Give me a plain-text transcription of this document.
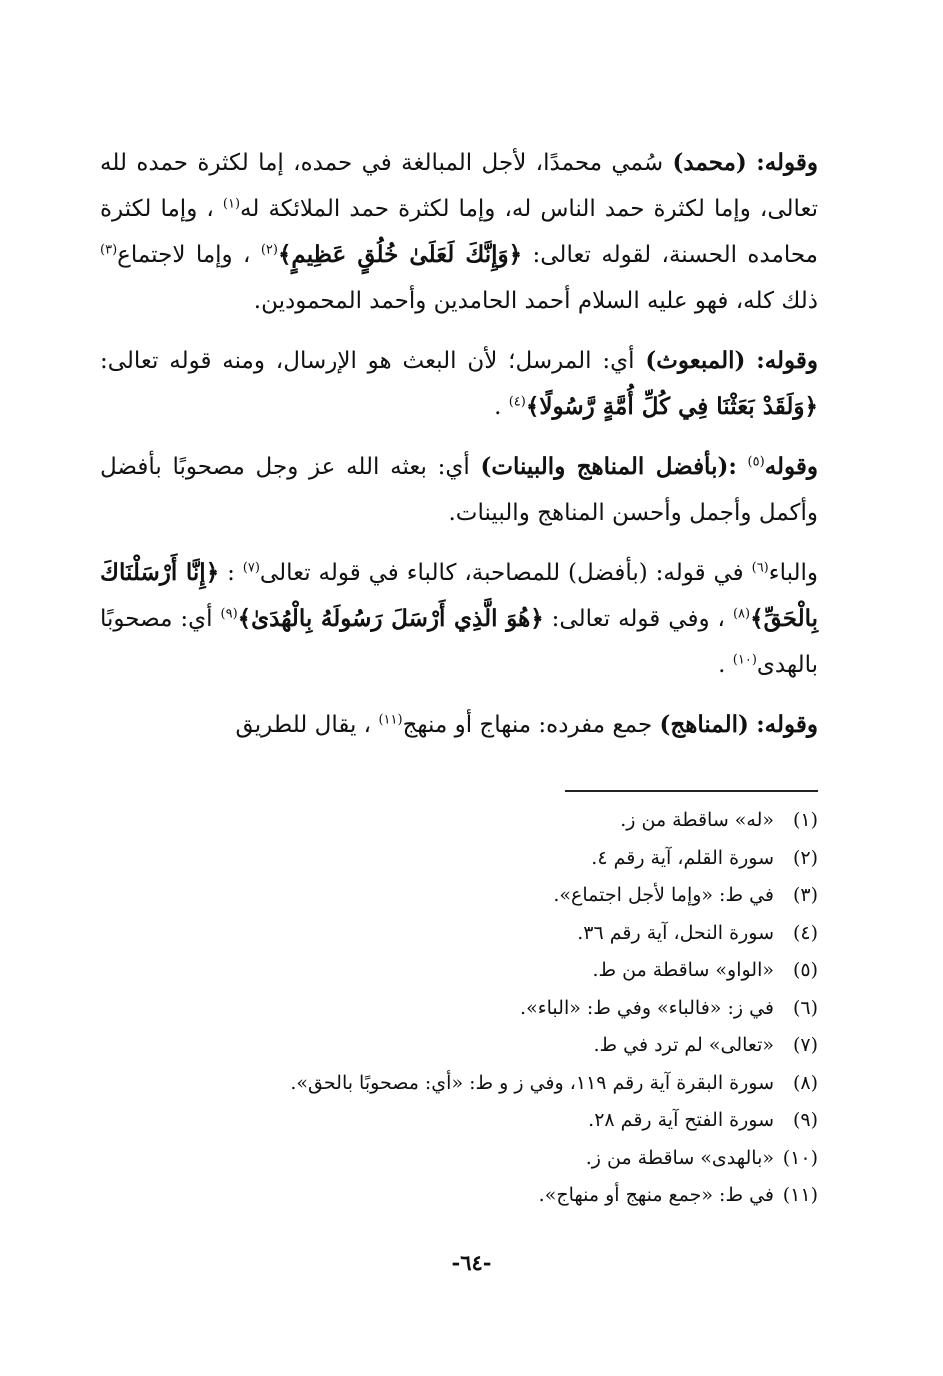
وقوله: (محمد) سُمي محمدًا، لأجل المبالغة في حمده، إما لكثرة حمده لله تعالى، وإما لكثرة حمد الناس له، وإما لكثرة حمد الملائكة له$^{(١)}$ ، وإما لكثرة محامده الحسنة، لقوله تعالى: ﴿وَإِنَّكَ لَعَلَىٰ خُلُقٍ عَظِيمٍ﴾$^{(٢)}$ ، وإما لاجتماع$^{(٣)}$ ذلك كله، فهو عليه السلام أحمد الحامدين وأحمد المحمودين.

وقوله: (المبعوث) أي: المرسل؛ لأن البعث هو الإرسال، ومنه قوله تعالى: ﴿وَلَقَدْ بَعَثْنَا فِي كُلِّ أُمَّةٍ رَّسُولًا﴾$^{(٤)}$ .

وقوله$^{(٥)}$ :(بأفضل المناهج والبينات) أي: بعثه الله عز وجل مصحوبًا بأفضل وأكمل وأجمل وأحسن المناهج والبينات.

والباء$^{(٦)}$ في قوله: (بأفضل) للمصاحبة، كالباء في قوله تعالى$^{(٧)}$ : ﴿إِنَّا أَرْسَلْنَاكَ بِالْحَقِّ﴾$^{(٨)}$ ، وفي قوله تعالى: ﴿هُوَ الَّذِي أَرْسَلَ رَسُولَهُ بِالْهُدَىٰ﴾$^{(٩)}$ أي: مصحوبًا بالهدى$^{(١٠)}$ .

وقوله: (المناهج) جمع مفرده: منهاج أو منهج$^{(١١)}$ ، يقال للطريق

(١)
«له» ساقطة من ز.
(٢)
سورة القلم، آية رقم ٤.
(٣)
في ط: «وإما لأجل اجتماع».
(٤)
سورة النحل، آية رقم ٣٦.
(٥)
«الواو» ساقطة من ط.
(٦)
في ز: «فالباء» وفي ط: «الباء».
(٧)
«تعالى» لم ترد في ط.
(٨)
سورة البقرة آية رقم ١١٩، وفي ز و ط: «أي: مصحوبًا بالحق».
(٩)
سورة الفتح آية رقم ٢٨.
(١٠)
«بالهدى» ساقطة من ز.
(١١)
في ط: «جمع منهج أو منهاج».
-٦٤-
